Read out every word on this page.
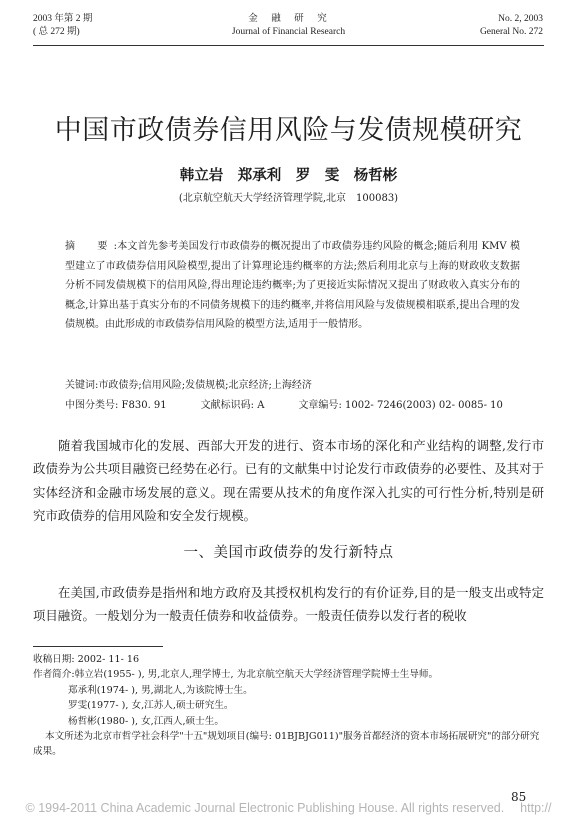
2003 年第 2 期
( 总 272 期)
金　融　研　究
Journal of Financial Research
No. 2, 2003
General No. 272
中国市政债券信用风险与发债规模研究
韩立岩　郑承利　罗　雯　杨哲彬
(北京航空航天大学经济管理学院,北京　100083)
摘　要:本文首先参考美国发行市政债券的概况提出了市政债券违约风险的概念;随后利用 KMV 模型建立了市政债券信用风险模型,提出了计算理论违约概率的方法;然后利用北京与上海的财政收支数据分析不同发债规模下的信用风险,得出理论违约概率;为了更接近实际情况又提出了财政收入真实分布的概念,计算出基于真实分布的不同债务规模下的违约概率,并将信用风险与发债规模相联系,提出合理的发债规模。由此形成的市政债券信用风险的模型方法,适用于一般情形。
关键词:市政债券;信用风险;发债规模;北京经济;上海经济
中图分类号: F830. 91	文献标识码: A	文章编号: 1002- 7246(2003) 02- 0085- 10
随着我国城市化的发展、西部大开发的进行、资本市场的深化和产业结构的调整,发行市政债券为公共项目融资已经势在必行。已有的文献集中讨论发行市政债券的必要性、及其对于实体经济和金融市场发展的意义。现在需要从技术的角度作深入扎实的可行性分析,特别是研究市政债券的信用风险和安全发行规模。
一、美国市政债券的发行新特点
在美国,市政债券是指州和地方政府及其授权机构发行的有价证券,目的是一般支出或特定项目融资。一般划分为一般责任债券和收益债券。一般责任债券以发行者的税收
收稿日期: 2002- 11- 16
作者简介:韩立岩(1955- ), 男,北京人,理学博士, 为北京航空航天大学经济管理学院博士生导师。
郑承利(1974- ), 男,湖北人,为该院博士生。
罗雯(1977- ), 女,江苏人,硕士研究生。
杨哲彬(1980- ), 女,江西人,硕士生。
本文所述为北京市哲学社会科学"十五"规划项目(编号: 01BJBJG011)"服务首都经济的资本市场拓展研究"的部分研究成果。
85
© 1994-2011 China Academic Journal Electronic Publishing House. All rights reserved.　 http://
